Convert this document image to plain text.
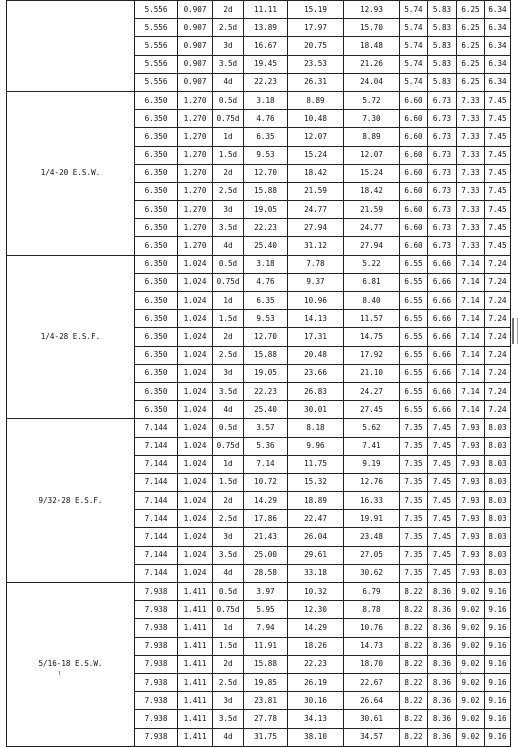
	5.556	0.907	2d	11.11	15.19	12.93	5.74	5.83	6.25	6.34
	5.556	0.907	2.5d	13.89	17.97	15.70	5.74	5.83	6.25	6.34
	5.556	0.907	3d	16.67	20.75	18.48	5.74	5.83	6.25	6.34
	5.556	0.907	3.5d	19.45	23.53	21.26	5.74	5.83	6.25	6.34
	5.556	0.907	4d	22.23	26.31	24.04	5.74	5.83	6.25	6.34
1/4-20 E.S.W.	6.350	1.270	0.5d	3.18	8.89	5.72	6.60	6.73	7.33	7.45
	6.350	1.270	0.75d	4.76	10.48	7.30	6.60	6.73	7.33	7.45
	6.350	1.270	1d	6.35	12.07	8.89	6.60	6.73	7.33	7.45
	6.350	1.270	1.5d	9.53	15.24	12.07	6.60	6.73	7.33	7.45
	6.350	1.270	2d	12.70	18.42	15.24	6.60	6.73	7.33	7.45
	6.350	1.270	2.5d	15.88	21.59	18.42	6.60	6.73	7.33	7.45
	6.350	1.270	3d	19.05	24.77	21.59	6.60	6.73	7.33	7.45
	6.350	1.270	3.5d	22.23	27.94	24.77	6.60	6.73	7.33	7.45
	6.350	1.270	4d	25.40	31.12	27.94	6.60	6.73	7.33	7.45
1/4-28 E.S.F.	6.350	1.024	0.5d	3.18	7.78	5.22	6.55	6.66	7.14	7.24
	6.350	1.024	0.75d	4.76	9.37	6.81	6.55	6.66	7.14	7.24
	6.350	1.024	1d	6.35	10.96	8.40	6.55	6.66	7.14	7.24
	6.350	1.024	1.5d	9.53	14.13	11.57	6.55	6.66	7.14	7.24
	6.350	1.024	2d	12.70	17.31	14.75	6.55	6.66	7.14	7.24
	6.350	1.024	2.5d	15.88	20.48	17.92	6.55	6.66	7.14	7.24
	6.350	1.024	3d	19.05	23.66	21.10	6.55	6.66	7.14	7.24
	6.350	1.024	3.5d	22.23	26.83	24.27	6.55	6.66	7.14	7.24
	6.350	1.024	4d	25.40	30.01	27.45	6.55	6.66	7.14	7.24
9/32-28 E.S.F.	7.144	1.024	0.5d	3.57	8.18	5.62	7.35	7.45	7.93	8.03
	7.144	1.024	0.75d	5.36	9.96	7.41	7.35	7.45	7.93	8.03
	7.144	1.024	1d	7.14	11.75	9.19	7.35	7.45	7.93	8.03
	7.144	1.024	1.5d	10.72	15.32	12.76	7.35	7.45	7.93	8.03
	7.144	1.024	2d	14.29	18.89	16.33	7.35	7.45	7.93	8.03
	7.144	1.024	2.5d	17.86	22.47	19.91	7.35	7.45	7.93	8.03
	7.144	1.024	3d	21.43	26.04	23.48	7.35	7.45	7.93	8.03
	7.144	1.024	3.5d	25.00	29.61	27.05	7.35	7.45	7.93	8.03
	7.144	1.024	4d	28.58	33.18	30.62	7.35	7.45	7.93	8.03
5/16-18 E.S.W.	7.938	1.411	0.5d	3.97	10.32	6.79	8.22	8.36	9.02	9.16
	7.938	1.411	0.75d	5.95	12.30	8.78	8.22	8.36	9.02	9.16
	7.938	1.411	1d	7.94	14.29	10.76	8.22	8.36	9.02	9.16
	7.938	1.411	1.5d	11.91	18.26	14.73	8.22	8.36	9.02	9.16
	7.938	1.411	2d	15.88	22.23	18.70	8.22	8.36	9.02	9.16
	7.938	1.411	2.5d	19.85	26.19	22.67	8.22	8.36	9.02	9.16
	7.938	1.411	3d	23.81	30.16	26.64	8.22	8.36	9.02	9.16
	7.938	1.411	3.5d	27.78	34.13	30.61	8.22	8.36	9.02	9.16
	7.938	1.411	4d	31.75	38.10	34.57	8.22	8.36	9.02	9.16
